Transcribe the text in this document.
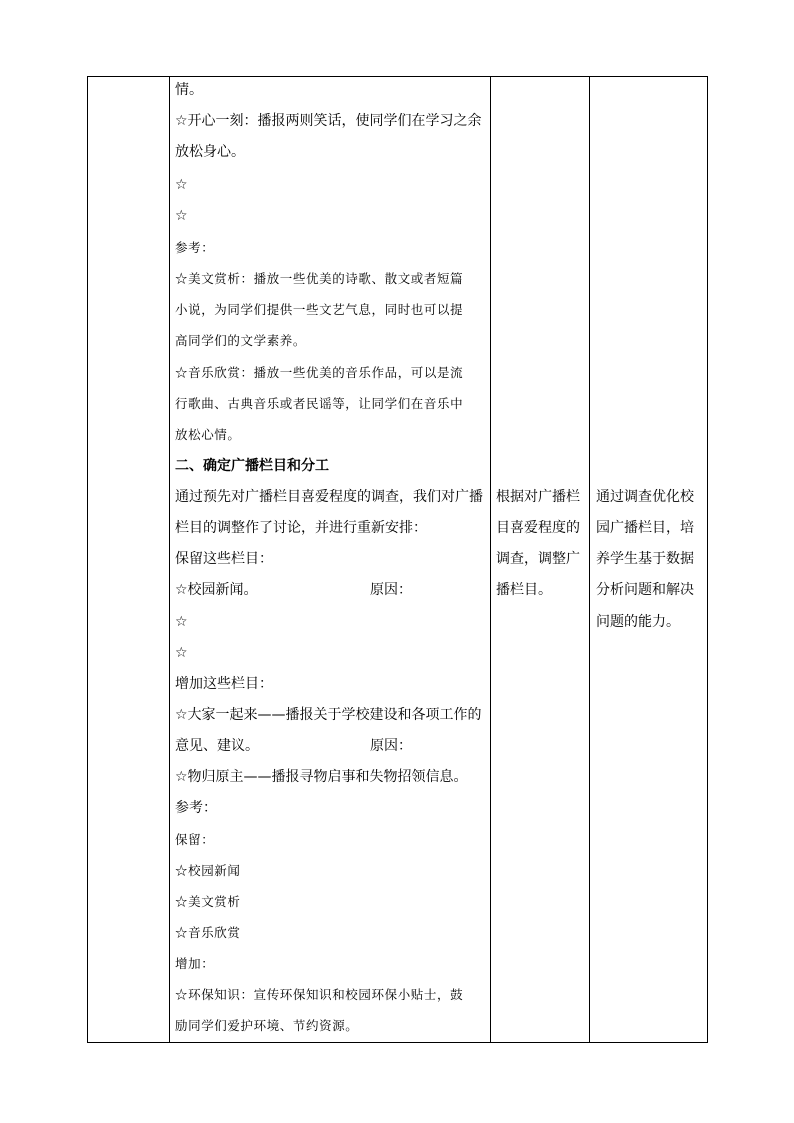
情。
☆开心一刻：播报两则笑话，使同学们在学习之余
放松身心。
☆
☆
参考：
☆美文赏析：播放一些优美的诗歌、散文或者短篇
小说，为同学们提供一些文艺气息，同时也可以提
高同学们的文学素养。
☆音乐欣赏：播放一些优美的音乐作品，可以是流
行歌曲、古典音乐或者民谣等，让同学们在音乐中
放松心情。
二、确定广播栏目和分工
通过预先对广播栏目喜爱程度的调查，我们对广播
栏目的调整作了讨论，并进行重新安排：
保留这些栏目：
☆校园新闻。	原因：
☆
☆
增加这些栏目：
☆大家一起来——播报关于学校建设和各项工作的
意见、建议。	原因：
☆物归原主——播报寻物启事和失物招领信息。
参考：
保留：
☆校园新闻
☆美文赏析
☆音乐欣赏
增加：
☆环保知识：宣传环保知识和校园环保小贴士，鼓
励同学们爱护环境、节约资源。
根据对广播栏
目喜爱程度的
调查，调整广
播栏目。
通过调查优化校
园广播栏目，培
养学生基于数据
分析问题和解决
问题的能力。
